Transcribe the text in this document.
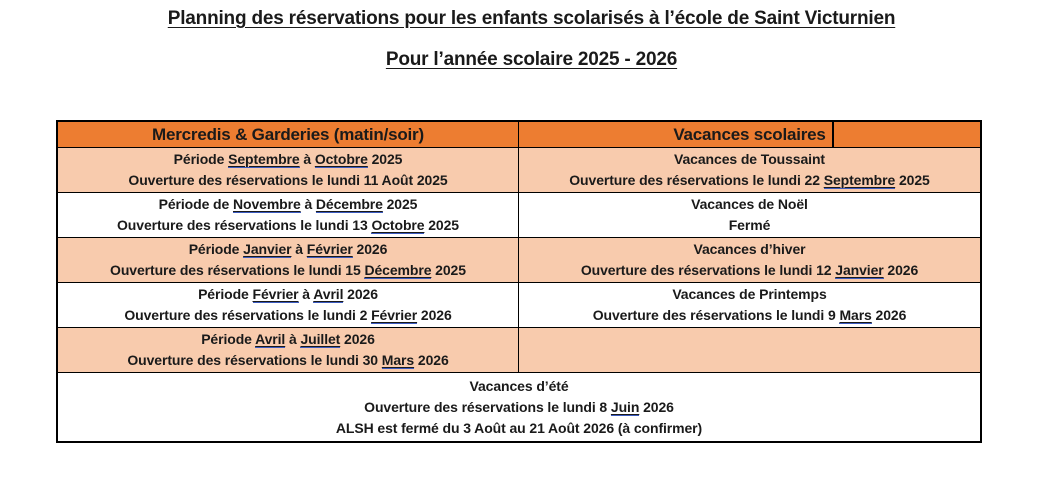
Planning des réservations pour les enfants scolarisés à l’école de Saint Victurnien
Pour l’année scolaire 2025 - 2026
Mercredis & Garderies (matin/soir)	Vacances scolaires
Période Septembre à Octobre 2025
Ouverture des réservations le lundi 11 Août 2025
Vacances de Toussaint
Ouverture des réservations le lundi 22 Septembre 2025
Période de Novembre à Décembre 2025
Ouverture des réservations le lundi 13 Octobre 2025
Vacances de Noël
Fermé
Période Janvier à Février 2026
Ouverture des réservations le lundi 15 Décembre 2025
Vacances d’hiver
Ouverture des réservations le lundi 12 Janvier 2026
Période Février à Avril 2026
Ouverture des réservations le lundi 2 Février 2026
Vacances de Printemps
Ouverture des réservations le lundi 9 Mars 2026
Période Avril à Juillet 2026
Ouverture des réservations le lundi 30 Mars 2026
Vacances d’été
Ouverture des réservations le lundi 8 Juin 2026
ALSH est fermé du 3 Août au 21 Août 2026 (à confirmer)
